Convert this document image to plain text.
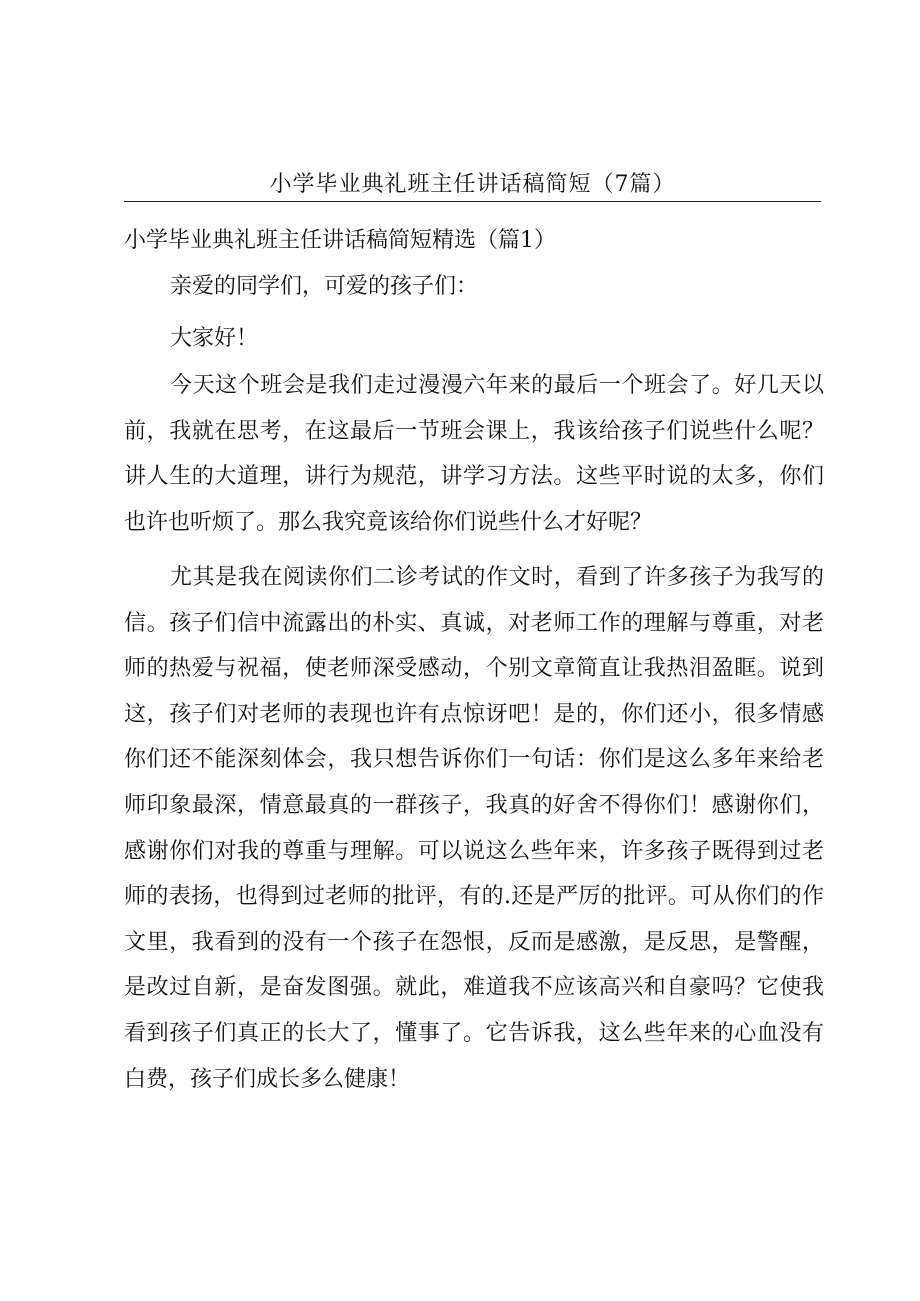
小学毕业典礼班主任讲话稿简短（7篇）
小学毕业典礼班主任讲话稿简短精选（篇1）

亲爱的同学们，可爱的孩子们：

大家好！

今天这个班会是我们走过漫漫六年来的最后一个班会了。好几天以前，我就在思考，在这最后一节班会课上，我该给孩子们说些什么呢？讲人生的大道理，讲行为规范，讲学习方法。这些平时说的太多，你们也许也听烦了。那么我究竟该给你们说些什么才好呢？

尤其是我在阅读你们二诊考试的作文时，看到了许多孩子为我写的信。孩子们信中流露出的朴实、真诚，对老师工作的理解与尊重，对老师的热爱与祝福，使老师深受感动，个别文章简直让我热泪盈眶。说到这，孩子们对老师的表现也许有点惊讶吧！是的，你们还小，很多情感你们还不能深刻体会，我只想告诉你们一句话：你们是这么多年来给老师印象最深，情意最真的一群孩子，我真的好舍不得你们！感谢你们，感谢你们对我的尊重与理解。可以说这么些年来，许多孩子既得到过老师的表扬，也得到过老师的批评，有的.还是严厉的批评。可从你们的作文里，我看到的没有一个孩子在怨恨，反而是感激，是反思，是警醒，是改过自新，是奋发图强。就此，难道我不应该高兴和自豪吗？它使我看到孩子们真正的长大了，懂事了。它告诉我，这么些年来的心血没有白费，孩子们成长多么健康！
